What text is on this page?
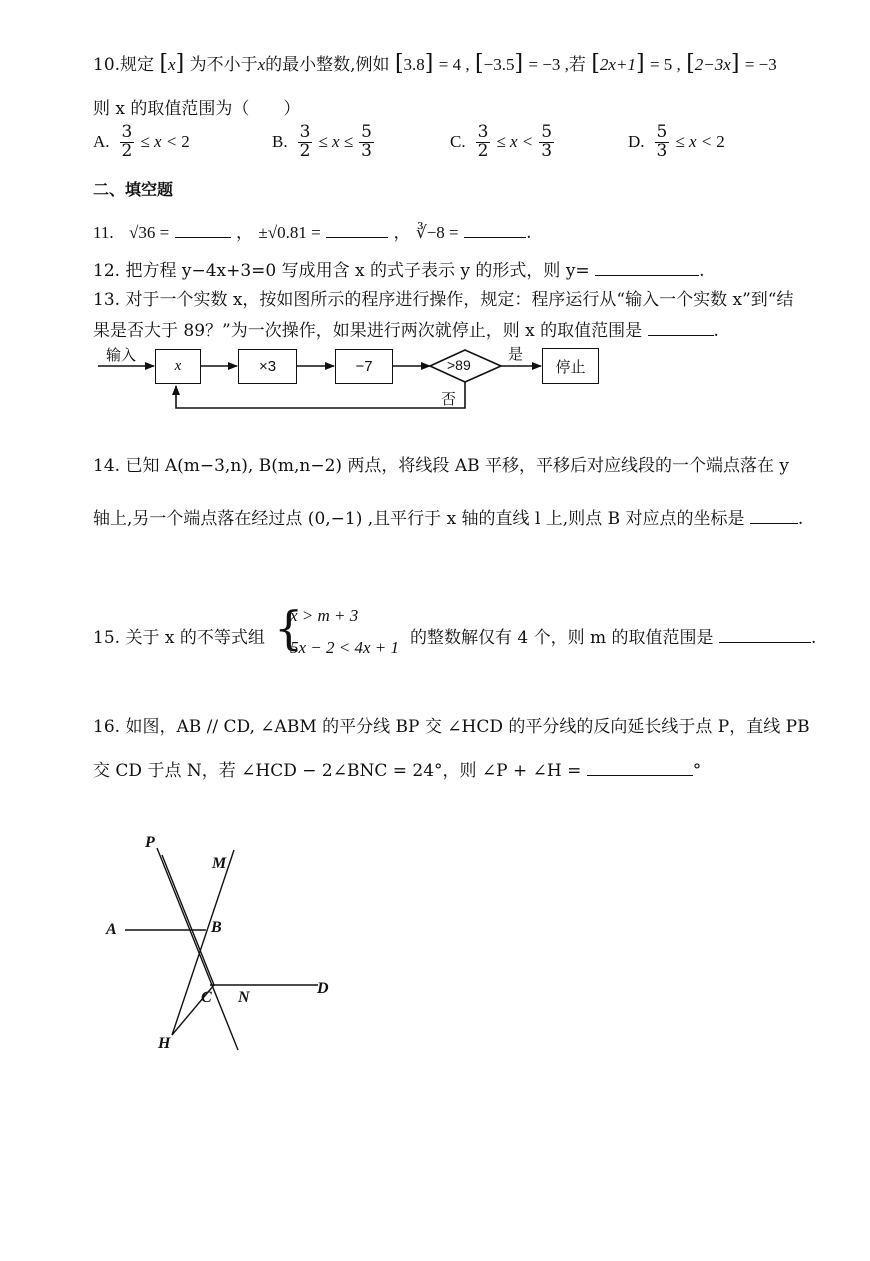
10.规定 [x] 为不小于x的最小整数,例如 [3.8] = 4 , [−3.5] = −3 ,若 [2x+1] = 5 , [2−3x] = −3
则 x 的取值范围为（　　）
A. $\frac{3}{2} \le x < 2$	B. $\frac{3}{2} \le x \le \frac{5}{3}$	C. $\frac{3}{2} \le x < \frac{5}{3}$	D. $\frac{5}{3} \le x < 2$
二、填空题
11. √36 =	， ±√0.81 =	， ∛−8 =	.
12. 把方程 y−4x+3=0 写成用含 x 的式子表示 y 的形式，则 y=	.
13. 对于一个实数 x，按如图所示的程序进行操作，规定：程序运行从“输入一个实数 x”到“结
果是否大于 89？”为一次操作，如果进行两次就停止，则 x 的取值范围是	.
输入
x	×3	−7	>89
是
停止
否
14. 已知 A(m−3,n), B(m,n−2) 两点，将线段 AB 平移，平移后对应线段的一个端点落在 y
轴上,另一个端点落在经过点 (0,−1) ,且平行于 x 轴的直线 l 上,则点 B 对应点的坐标是	.
15. 关于 x 的不等式组 {
x > m + 3
5x − 2 < 4x + 1 的整数解仅有 4 个，则 m 的取值范围是	.
16. 如图，AB // CD, ∠ABM 的平分线 BP 交 ∠HCD 的平分线的反向延长线于点 P，直线 PB
交 CD 于点 N，若 ∠HCD − 2∠BNC = 24°，则 ∠P + ∠H =	°
P
M
A	B
C N
D
H
